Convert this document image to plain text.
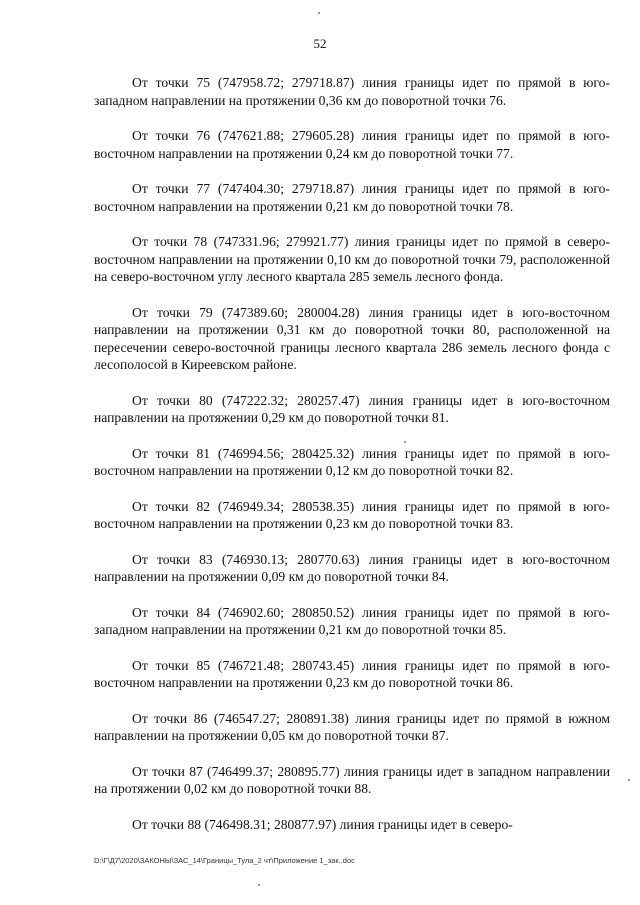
52

От точки 75 (747958.72; 279718.87) линия границы идет по прямой в юго-западном направлении на протяжении 0,36 км до поворотной точки 76.

От точки 76 (747621.88; 279605.28) линия границы идет по прямой в юго-восточном направлении на протяжении 0,24 км до поворотной точки 77.

От точки 77 (747404.30; 279718.87) линия границы идет по прямой в юго-восточном направлении на протяжении 0,21 км до поворотной точки 78.

От точки 78 (747331.96; 279921.77) линия границы идет по прямой в северо-восточном направлении на протяжении 0,10 км до поворотной точки 79, расположенной на северо-восточном углу лесного квартала 285 земель лесного фонда.

От точки 79 (747389.60; 280004.28) линия границы идет в юго-восточном направлении на протяжении 0,31 км до поворотной точки 80, расположенной на пересечении северо-восточной границы лесного квартала 286 земель лесного фонда с лесополосой в Киреевском районе.

От точки 80 (747222.32; 280257.47) линия границы идет в юго-восточном направлении на протяжении 0,29 км до поворотной точки 81.

От точки 81 (746994.56; 280425.32) линия границы идет по прямой в юго-восточном направлении на протяжении 0,12 км до поворотной точки 82.

От точки 82 (746949.34; 280538.35) линия границы идет по прямой в юго-восточном направлении на протяжении 0,23 км до поворотной точки 83.

От точки 83 (746930.13; 280770.63) линия границы идет в юго-восточном направлении на протяжении 0,09 км до поворотной точки 84.

От точки 84 (746902.60; 280850.52) линия границы идет по прямой в юго-западном направлении на протяжении 0,21 км до поворотной точки 85.

От точки 85 (746721.48; 280743.45) линия границы идет по прямой в юго-восточном направлении на протяжении 0,23 км до поворотной точки 86.

От точки 86 (746547.27; 280891.38) линия границы идет по прямой в южном направлении на протяжении 0,05 км до поворотной точки 87.

От точки 87 (746499.37; 280895.77) линия границы идет в западном направлении на протяжении 0,02 км до поворотной точки 88.

От точки 88 (746498.31; 280877.97) линия границы идет в северо-

D:\Г\Д7\2020\ЗАКОНЫ\ЗАС_14\Границы_Тула_2 чт\Приложение 1_зак..doc
